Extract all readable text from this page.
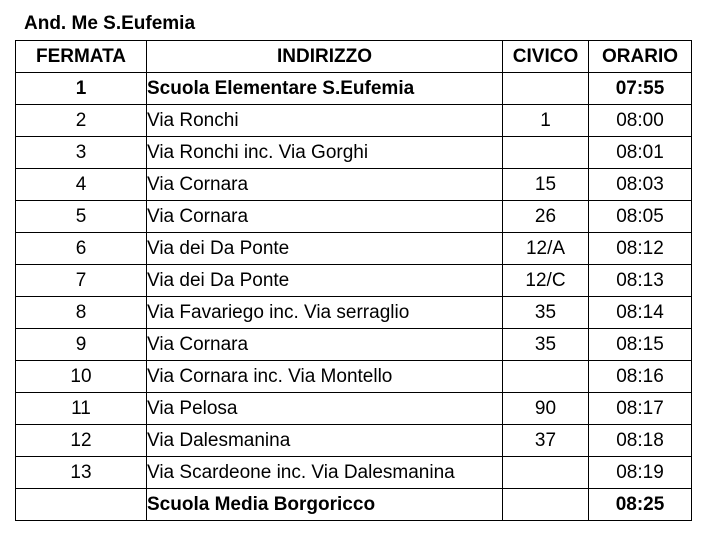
And. Me S.Eufemia
FERMATA	INDIRIZZO	CIVICO	ORARIO
1	Scuola Elementare S.Eufemia		07:55
2	Via Ronchi	1	08:00
3	Via Ronchi inc. Via Gorghi		08:01
4	Via Cornara	15	08:03
5	Via Cornara	26	08:05
6	Via dei Da Ponte	12/A	08:12
7	Via dei Da Ponte	12/C	08:13
8	Via Favariego inc. Via serraglio	35	08:14
9	Via Cornara	35	08:15
10	Via Cornara inc. Via Montello		08:16
11	Via Pelosa	90	08:17
12	Via Dalesmanina	37	08:18
13	Via Scardeone inc. Via Dalesmanina		08:19
	Scuola Media Borgoricco		08:25
